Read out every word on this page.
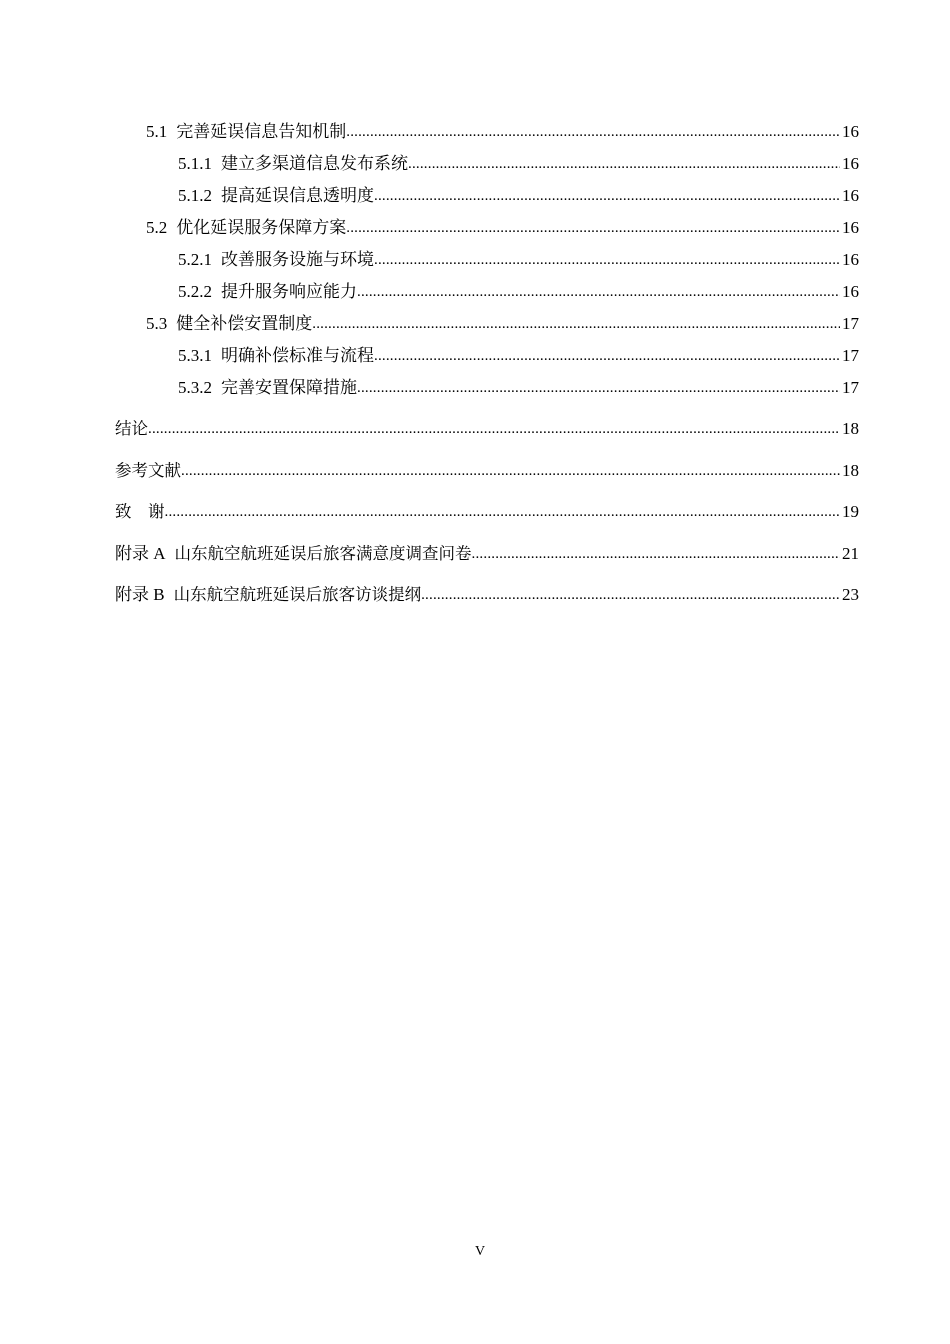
5.1 完善延误信息告知机制 .....	16
5.1.1 建立多渠道信息发布系统 .....	16
5.1.2 提高延误信息透明度 .....	16
5.2 优化延误服务保障方案 .....	16
5.2.1 改善服务设施与环境 .....	16
5.2.2 提升服务响应能力 .....	16
5.3 健全补偿安置制度 .....	17
5.3.1 明确补偿标准与流程 .....	17
5.3.2 完善安置保障措施 .....	17
结论 .....	18
参考文献 .....	18
致　谢 .....	19
附录 A 山东航空航班延误后旅客满意度调查问卷 .....	21
附录 B 山东航空航班延误后旅客访谈提纲 .....	23
V
